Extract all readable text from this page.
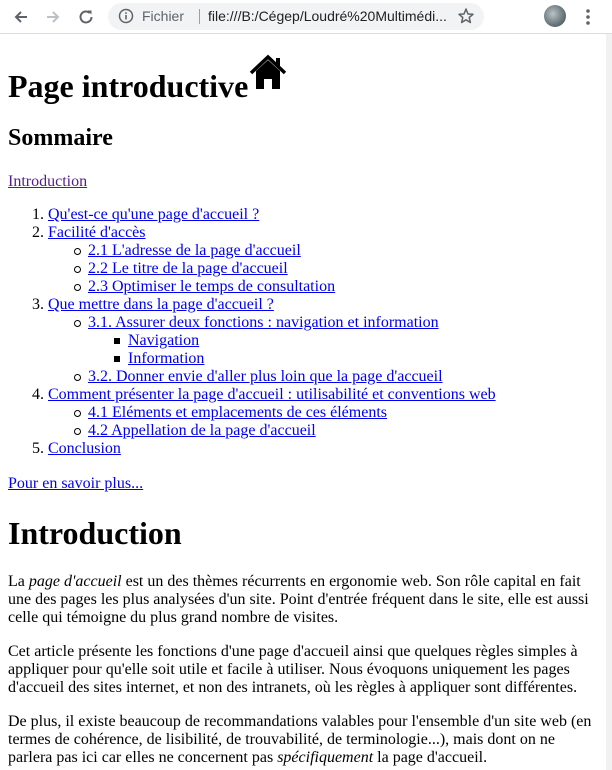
Fichier file:///B:/Cégep/Loudré%20Multimédi...
Page introductive
Sommaire
Introduction
1. Qu'est-ce qu'une page d'accueil ?
2. Facilité d'accès
2.1 L'adresse de la page d'accueil
2.2 Le titre de la page d'accueil
2.3 Optimiser le temps de consultation
3. Que mettre dans la page d'accueil ?
3.1. Assurer deux fonctions : navigation et information
Navigation
Information
3.2. Donner envie d'aller plus loin que la page d'accueil
4. Comment présenter la page d'accueil : utilisabilité et conventions web
4.1 Eléments et emplacements de ces éléments
4.2 Appellation de la page d'accueil
5. Conclusion
Pour en savoir plus...
Introduction

La page d'accueil est un des thèmes récurrents en ergonomie web. Son rôle capital en fait une des pages les plus analysées d'un site. Point d'entrée fréquent dans le site, elle est aussi celle qui témoigne du plus grand nombre de visites.

Cet article présente les fonctions d'une page d'accueil ainsi que quelques règles simples à appliquer pour qu'elle soit utile et facile à utiliser. Nous évoquons uniquement les pages d'accueil des sites internet, et non des intranets, où les règles à appliquer sont différentes.

De plus, il existe beaucoup de recommandations valables pour l'ensemble d'un site web (en termes de cohérence, de lisibilité, de trouvabilité, de terminologie...), mais dont on ne parlera pas ici car elles ne concernent pas spécifiquement la page d'accueil.
